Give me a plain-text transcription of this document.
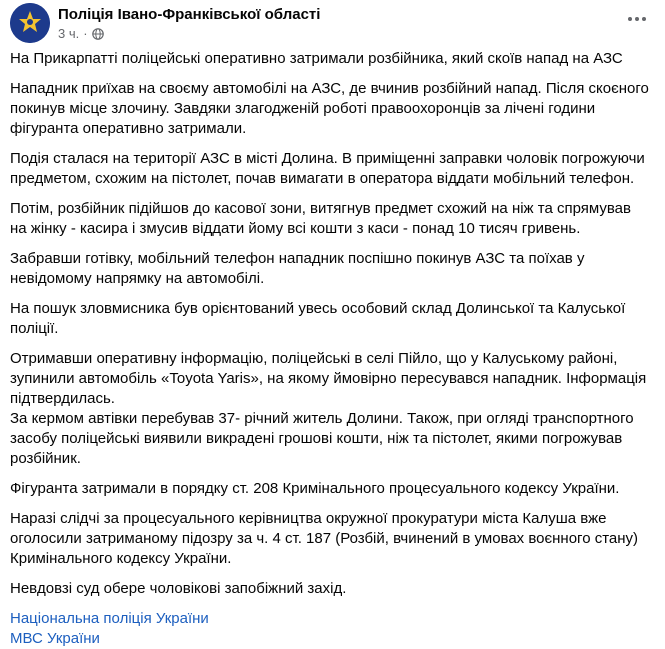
Поліція Івано-Франківської області
3 ч. ·

На Прикарпатті поліцейські оперативно затримали розбійника, який скоїв напад на АЗС

Нападник приїхав на своєму автомобілі на АЗС, де вчинив розбійний напад. Після скоєного покинув місце злочину. Завдяки злагодженій роботі правоохоронців за лічені години фігуранта оперативно затримали.

Подія сталася на території АЗС в місті Долина. В приміщенні заправки чоловік погрожуючи предметом, схожим на пістолет, почав вимагати в оператора віддати мобільний телефон.

Потім, розбійник підійшов до касової зони, витягнув предмет схожий на ніж та спрямував на жінку - касира і змусив віддати йому всі кошти з каси - понад 10 тисяч гривень.

Забравши готівку, мобільний телефон нападник поспішно покинув АЗС та поїхав у невідомому напрямку на автомобілі.

На пошук зловмисника був орієнтований увесь особовий склад Долинської та Калуської поліції.

Отримавши оперативну інформацію, поліцейські в селі Пійло, що у Калуському районі, зупинили автомобіль «Toyota Yaris», на якому ймовірно пересувався нападник. Інформація підтвердилась.

За кермом автівки перебував 37- річний житель Долини. Також, при огляді транспортного засобу поліцейські виявили викрадені грошові кошти, ніж та пістолет, якими погрожував розбійник.

Фігуранта затримали в порядку ст. 208 Кримінального процесуального кодексу України.

Наразі слідчі за процесуального керівництва окружної прокуратури міста Калуша вже оголосили затриманому підозру за ч. 4 ст. 187 (Розбій, вчинений в умовах воєнного стану) Кримінального кодексу України.

Невдовзі суд обере чоловікові запобіжний захід.

Національна поліція України
МВС України
